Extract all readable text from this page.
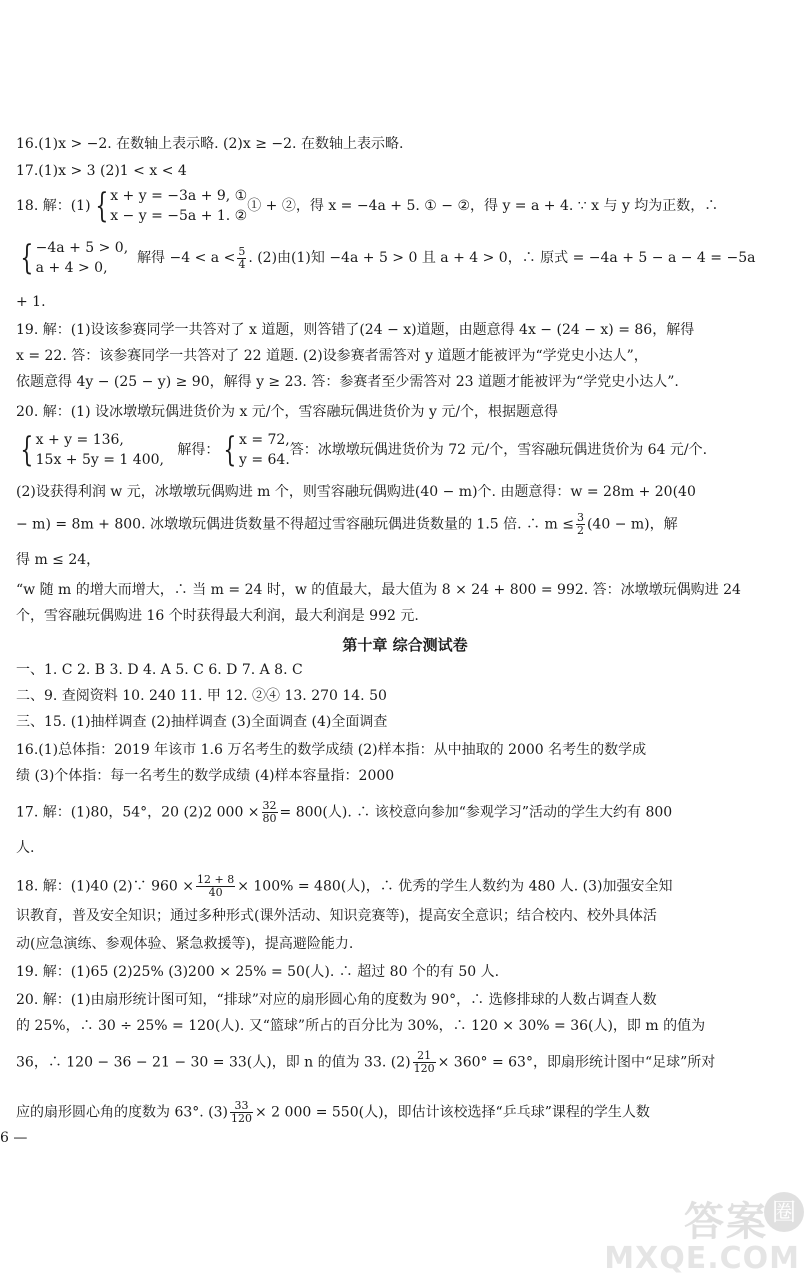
16.(1)x > −2. 在数轴上表示略. (2)x ≥ −2. 在数轴上表示略.
17.(1)x > 3 (2)1 < x < 4
18. 解：(1) { x + y = −3a + 9, ①
x − y = −5a + 1. ②① + ②，得 x = −4a + 5. ① − ②，得 y = a + 4. ∵ x 与 y 均为正数，∴
{ −4a + 5 > 0,
a + 4 > 0,  解得 $-4 < a < \frac{5}{4}$ . (2)由(1)知 −4a + 5 > 0 且 a + 4 > 0，∴ 原式 = −4a + 5 − a − 4 = −5a
+ 1.
19. 解：(1)设该参赛同学一共答对了 x 道题，则答错了(24 − x)道题，由题意得 4x − (24 − x) = 86，解得
x = 22. 答：该参赛同学一共答对了 22 道题. (2)设参赛者需答对 y 道题才能被评为“学党史小达人”，
依题意得 4y − (25 − y) ≥ 90，解得 y ≥ 23. 答：参赛者至少需答对 23 道题才能被评为“学党史小达人”.
20. 解：(1) 设冰墩墩玩偶进货价为 x 元/个，雪容融玩偶进货价为 y 元/个，根据题意得
{ x + y = 136,
15x + 5y = 1 400,   解得： { x = 72,
y = 64.答：冰墩墩玩偶进货价为 72 元/个，雪容融玩偶进货价为 64 元/个.
(2)设获得利润 w 元，冰墩墩玩偶购进 m 个，则雪容融玩偶购进(40 − m)个. 由题意得：w = 28m + 20(40
− m) = 8m + 800. 冰墩墩玩偶进货数量不得超过雪容融玩偶进货数量的 1.5 倍. ∴ $m \le \frac{3}{2} (40 - m)$，解
得 m ≤ 24，
“w 随 m 的增大而增大，∴ 当 m = 24 时，w 的值最大，最大值为 8 × 24 + 800 = 992. 答：冰墩墩玩偶购进 24
个，雪容融玩偶购进 16 个时获得最大利润，最大利润是 992 元.
第十章 综合测试卷
一、1. C 2. B 3. D 4. A 5. C 6. D 7. A 8. C
二、9. 查阅资料 10. 240 11. 甲 12. ②④ 13. 270 14. 50
三、15. (1)抽样调查 (2)抽样调查 (3)全面调查 (4)全面调查
16.(1)总体指：2019 年该市 1.6 万名考生的数学成绩 (2)样本指：从中抽取的 2000 名考生的数学成
绩 (3)个体指：每一名考生的数学成绩 (4)样本容量指：2000
17. 解：(1)80，54°，20 (2)2 $000 \times \frac{32}{80} = 800$(人). ∴ 该校意向参加“参观学习”活动的学生大约有 800
人.
18. 解：(1)40 (2)∵ $960 \times \frac{12 + 8}{40} \times 100\% = 480$(人)，∴ 优秀的学生人数约为 480 人. (3)加强安全知
识教育，普及安全知识；通过多种形式(课外活动、知识竞赛等)，提高安全意识；结合校内、校外具体活
动(应急演练、参观体验、紧急救援等)，提高避险能力.
19. 解：(1)65 (2)25% (3)200 × 25% = 50(人). ∴ 超过 80 个的有 50 人.
20. 解：(1)由扇形统计图可知，“排球”对应的扇形圆心角的度数为 90°，∴ 选修排球的人数占调查人数
的 25%，∴ 30 ÷ 25% = 120(人). 又“篮球”所占的百分比为 30%，∴ 120 × 30% = 36(人)，即 m 的值为
36，∴ 120 − 36 − 21 − 30 = 33(人)，即 n 的值为 33. $(2) \frac{21}{120} \times 360^\circ = 63^\circ$，即扇形统计图中“足球”所对
应的扇形圆心角的度数为 63°. $(3) \frac{33}{120} \times 2$ 000 = 550(人)，即估计该校选择“乒乓球”课程的学生人数
6 —
答案 圈
MXQE.COM
